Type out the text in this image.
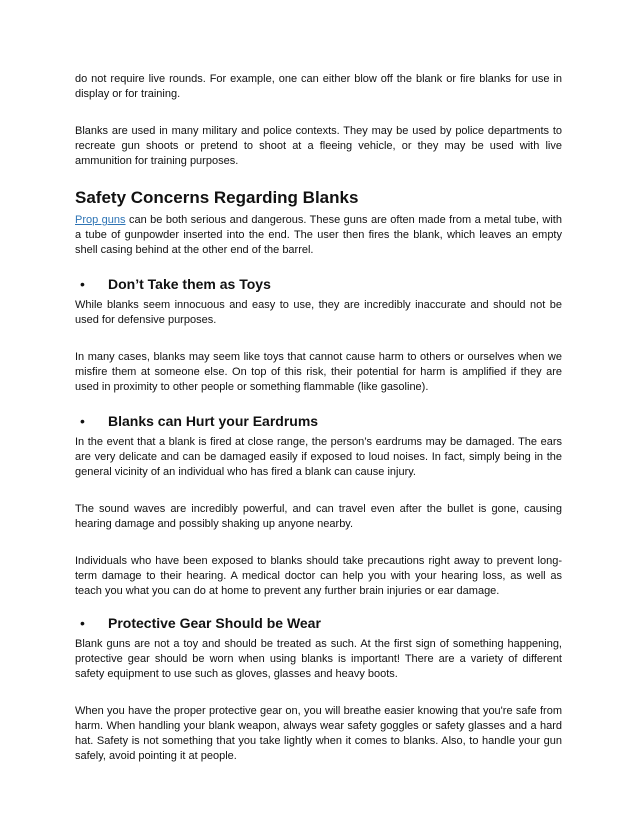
do not require live rounds. For example, one can either blow off the blank or fire blanks for use in display or for training.

Blanks are used in many military and police contexts. They may be used by police departments to recreate gun shoots or pretend to shoot at a fleeing vehicle, or they may be used with live ammunition for training purposes.

Safety Concerns Regarding Blanks

Prop guns can be both serious and dangerous. These guns are often made from a metal tube, with a tube of gunpowder inserted into the end. The user then fires the blank, which leaves an empty shell casing behind at the other end of the barrel.

•	Don’t Take them as Toys

While blanks seem innocuous and easy to use, they are incredibly inaccurate and should not be used for defensive purposes.

In many cases, blanks may seem like toys that cannot cause harm to others or ourselves when we misfire them at someone else. On top of this risk, their potential for harm is amplified if they are used in proximity to other people or something flammable (like gasoline).

•	Blanks can Hurt your Eardrums

In the event that a blank is fired at close range, the person’s eardrums may be damaged. The ears are very delicate and can be damaged easily if exposed to loud noises. In fact, simply being in the general vicinity of an individual who has fired a blank can cause injury.

The sound waves are incredibly powerful, and can travel even after the bullet is gone, causing hearing damage and possibly shaking up anyone nearby.

Individuals who have been exposed to blanks should take precautions right away to prevent long-term damage to their hearing. A medical doctor can help you with your hearing loss, as well as teach you what you can do at home to prevent any further brain injuries or ear damage.

•	Protective Gear Should be Wear

Blank guns are not a toy and should be treated as such. At the first sign of something happening, protective gear should be worn when using blanks is important! There are a variety of different safety equipment to use such as gloves, glasses and heavy boots.

When you have the proper protective gear on, you will breathe easier knowing that you're safe from harm. When handling your blank weapon, always wear safety goggles or safety glasses and a hard hat. Safety is not something that you take lightly when it comes to blanks. Also, to handle your gun safely, avoid pointing it at people.
